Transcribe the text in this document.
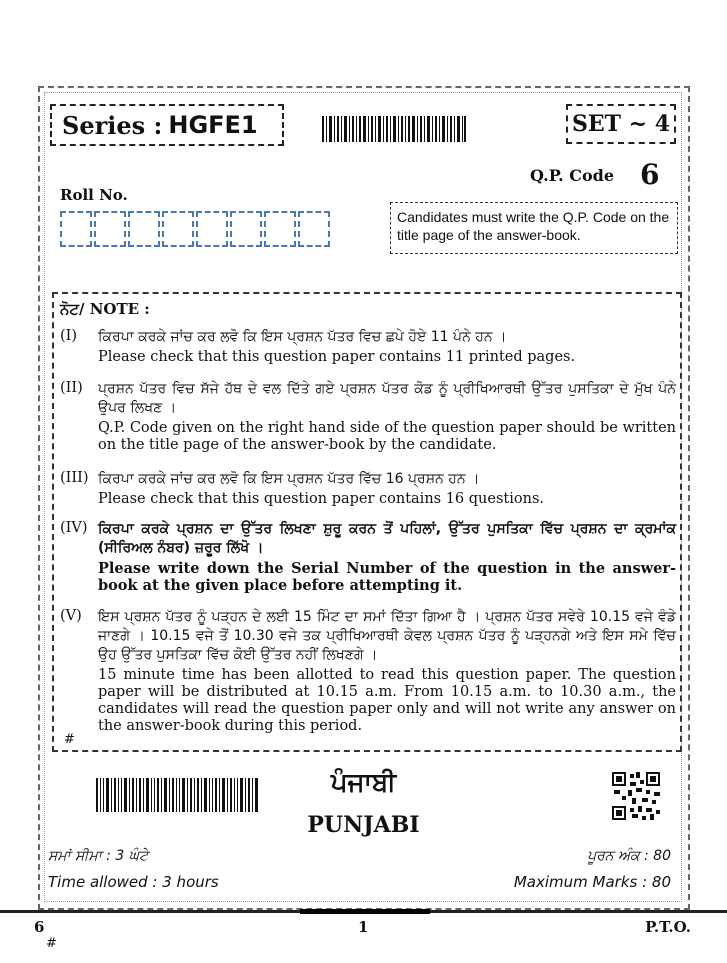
Series : HGFE1	SET ~ 4
Q.P. Code 6
Roll No.
Candidates must write the Q.P. Code on the title page of the answer-book.
ਨੋਟ/ NOTE :
(I) ਕਿਰਪਾ ਕਰਕੇ ਜਾਂਚ ਕਰ ਲਵੋ ਕਿ ਇਸ ਪ੍ਰਸ਼ਨ ਪੱਤਰ ਵਿਚ ਛਪੇ ਹੋਏ 11 ਪੰਨੇ ਹਨ ।
Please check that this question paper contains 11 printed pages.
(II) ਪ੍ਰਸ਼ਨ ਪੱਤਰ ਵਿਚ ਸੱਜੇ ਹੱਥ ਦੇ ਵਲ ਦਿੱਤੇ ਗਏ ਪ੍ਰਸ਼ਨ ਪੱਤਰ ਕੋਡ ਨੂੰ ਪ੍ਰੀਖਿਆਰਥੀ ਉੱਤਰ ਪੁਸਤਿਕਾ ਦੇ ਮੁੱਖ ਪੰਨੇ ਉਪਰ ਲਿਖਣ ।
Q.P. Code given on the right hand side of the question paper should be written on the title page of the answer-book by the candidate.
(III) ਕਿਰਪਾ ਕਰਕੇ ਜਾਂਚ ਕਰ ਲਵੋ ਕਿ ਇਸ ਪ੍ਰਸ਼ਨ ਪੱਤਰ ਵਿੱਚ 16 ਪ੍ਰਸ਼ਨ ਹਨ ।
Please check that this question paper contains 16 questions.
(IV) ਕਿਰਪਾ ਕਰਕੇ ਪ੍ਰਸ਼ਨ ਦਾ ਉੱਤਰ ਲਿਖਣਾ ਸ਼ੁਰੂ ਕਰਨ ਤੋਂ ਪਹਿਲਾਂ, ਉੱਤਰ ਪੁਸਤਿਕਾ ਵਿੱਚ ਪ੍ਰਸ਼ਨ ਦਾ ਕ੍ਰਮਾਂਕ (ਸੀਰਿਅਲ ਨੰਬਰ) ਜ਼ਰੂਰ ਲਿੱਖੋ ।
Please write down the Serial Number of the question in the answer-book at the given place before attempting it.
(V) ਇਸ ਪ੍ਰਸ਼ਨ ਪੱਤਰ ਨੂੰ ਪੜ੍ਹਨ ਦੇ ਲਈ 15 ਮਿੰਟ ਦਾ ਸਮਾਂ ਦਿੱਤਾ ਗਿਆ ਹੈ । ਪ੍ਰਸ਼ਨ ਪੱਤਰ ਸਵੇਰੇ 10.15 ਵਜੇ ਵੰਡੇ ਜਾਣਗੇ । 10.15 ਵਜੇ ਤੋਂ 10.30 ਵਜੇ ਤਕ ਪ੍ਰੀਖਿਆਰਥੀ ਕੇਵਲ ਪ੍ਰਸ਼ਨ ਪੱਤਰ ਨੂੰ ਪੜ੍ਹਨਗੇ ਅਤੇ ਇਸ ਸਮੇ ਵਿੱਚ ਉਹ ਉੱਤਰ ਪੁਸਤਿਕਾ ਵਿੱਚ ਕੋਈ ਉੱਤਰ ਨਹੀਂ ਲਿਖਣਗੇ ।
15 minute time has been allotted to read this question paper. The question paper will be distributed at 10.15 a.m. From 10.15 a.m. to 10.30 a.m., the candidates will read the question paper only and will not write any answer on the answer-book during this period.
#
ਪੰਜਾਬੀ
PUNJABI
ਸਮਾਂ ਸੀਮਾ : 3 ਘੰਟੇ	ਪੂਰਨ ਅੰਕ : 80
Time allowed : 3 hours	Maximum Marks : 80
6	1	P.T.O.
#
